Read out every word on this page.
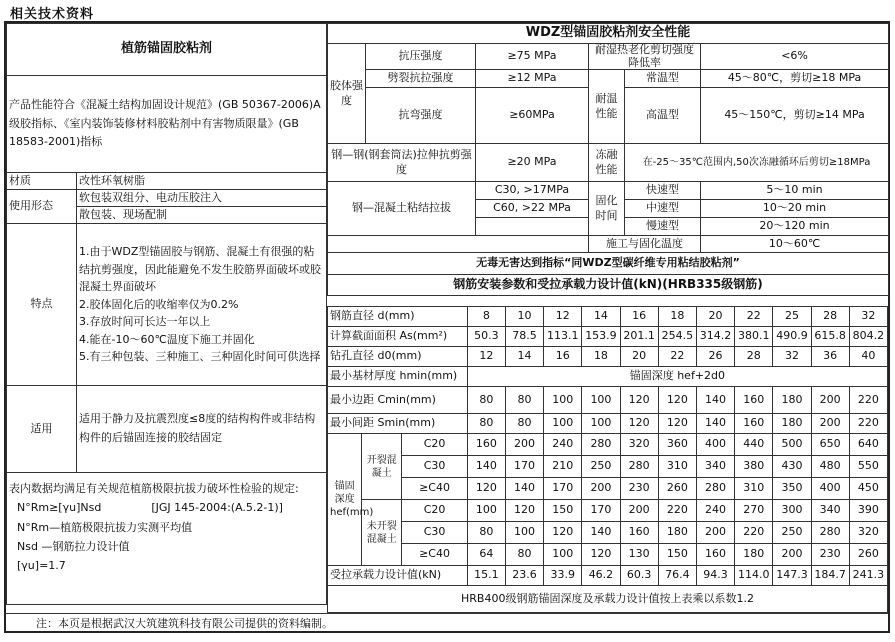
相关技术资料
植筋锚固胶粘剂	
产品性能符合《混凝土结构加固设计规范》(GB 50367-2006)A级胶指标、《室内装饰装修材料胶粘剂中有害物质限量》(GB 18583-2001)指标	
材质	改性环氧树脂
使用形态	软包装双组分、电动压胶注入
	散包装、现场配制
特点	1.由于WDZ型锚固胶与钢筋、混凝土有很强的粘结抗剪强度，因此能避免不发生胶筋界面破坏或胶混凝土界面破坏
2.胶体固化后的收缩率仅为0.2%
3.存放时间可长达一年以上
4.能在-10～60℃温度下施工并固化
5.有三种包装、三种施工、三种固化时间可供选择

适用	适用于静力及抗震烈度≤8度的结构构件或非结构构件的后锚固连接的胶结固定

表内数据均满足有关规范植筋极限抗拔力破坏性检验的规定:
N°Rm≥[γu]Nsd [JGJ 145-2004:(A.5.2-1)]
N°Rm—植筋极限抗拔力实测平均值
Nsd —钢筋拉力设计值
[γu]=1.7	
WDZ型锚固胶粘剂安全性能					
胶体强度	抗压强度	≥75 MPa	耐湿热老化剪切强度降低率		<6%
	劈裂抗拉强度	≥12 MPa	耐温性能	常温型	45～80℃，剪切≥18 MPa
	抗弯强度	≥60MPa		高温型	45～150℃，剪切≥14 MPa
钢—钢(钢套筒法)拉伸抗剪强度		≥20 MPa	冻融性能	在-25～35℃范围内,50次冻融循环后剪切≥18MPa	
钢—混凝土粘结拉拔		C30, >17MPa	固化时间	快速型	5～10 min
		C60, >22 MPa		中速型	10～20 min
				慢速型	20～120 min
			施工与固化温度		10～60℃
无毒无害达到指标“同WDZ型碳纤维专用粘结胶粘剂”					
钢筋安装参数和受拉承载力设计值(kN)(HRB335级钢筋)					
钢筋直径 d(mm)			8	10	12	14	16	18	20	22	25	28	32
计算截面面积 As(mm²)			50.3	78.5	113.1	153.9	201.1	254.5	314.2	380.1	490.9	615.8	804.2
钻孔直径 d0(mm)			12	14	16	18	20	22	26	28	32	36	40
最小基材厚度 hmin(mm)			锚固深度 hef+2d0										
最小边距 Cmin(mm)			80	80	100	100	120	120	140	160	180	200	220
最小间距 Smin(mm)			80	80	100	100	120	120	140	160	180	200	220
锚固深度 hef(mm)	开裂混凝土	C20	160	200	240	280	320	360	400	440	500	650	640
		C30	140	170	210	250	280	310	340	380	430	480	550
		≥C40	120	140	170	200	230	260	280	310	350	400	450
	未开裂混凝土	C20	100	120	150	170	200	220	240	270	300	340	390
		C30	80	100	120	140	160	180	200	220	250	280	320
		≥C40	64	80	100	120	130	150	160	180	200	230	260
受拉承载力设计值(kN)			15.1	23.6	33.9	46.2	60.3	76.4	94.3	114.0	147.3	184.7	241.3
HRB400级钢筋锚固深度及承载力设计值按上表乘以系数1.2													
注：本页是根据武汉大筑建筑科技有限公司提供的资料编制。
